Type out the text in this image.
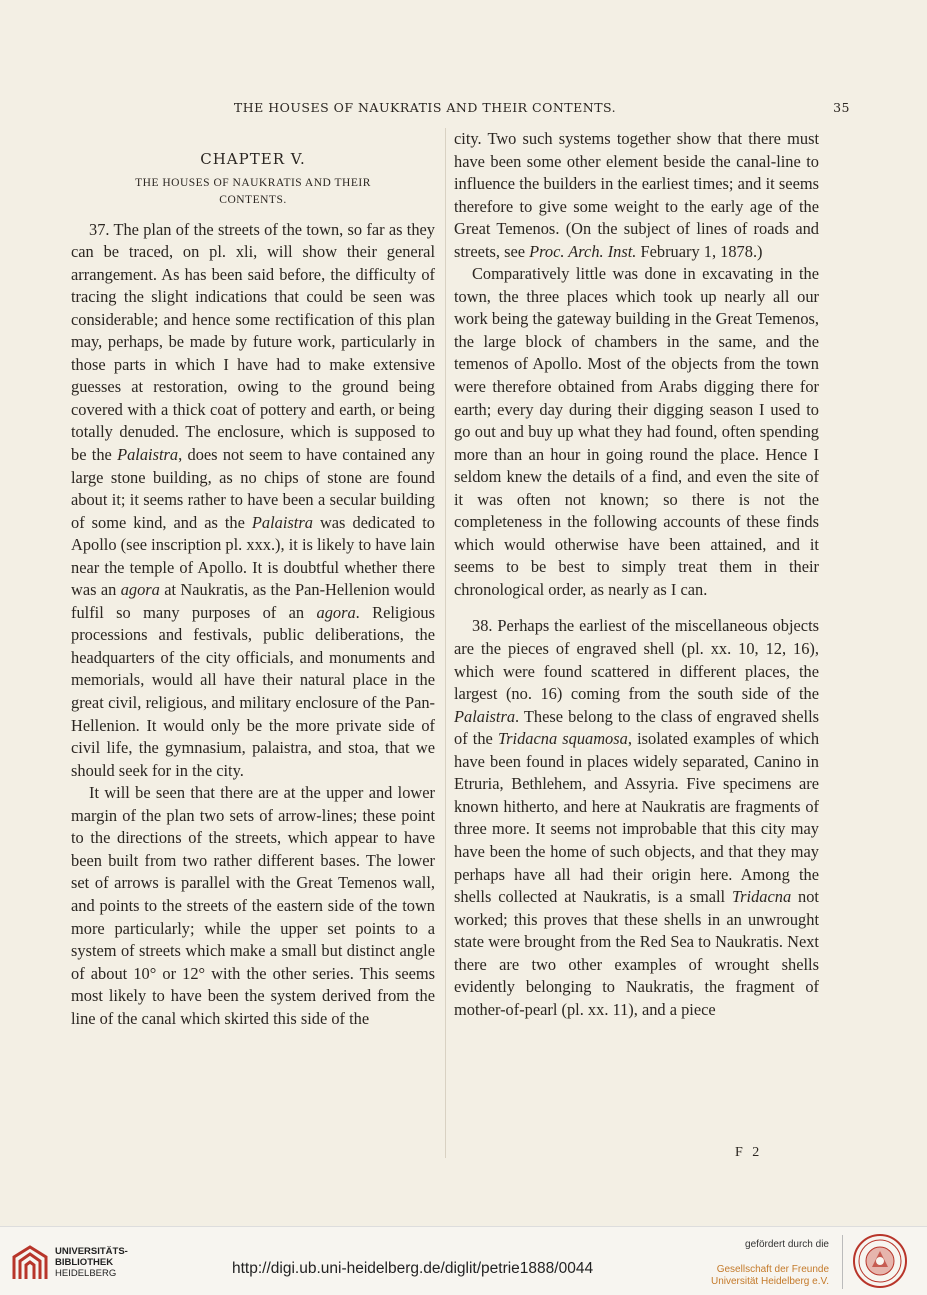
THE HOUSES OF NAUKRATIS AND THEIR CONTENTS.	35
CHAPTER V.
THE HOUSES OF NAUKRATIS AND THEIR
CONTENTS.

37. The plan of the streets of the town, so far as they can be traced, on pl. xli, will show their general arrangement. As has been said before, the difficulty of tracing the slight indications that could be seen was considerable; and hence some rectification of this plan may, perhaps, be made by future work, particularly in those parts in which I have had to make extensive guesses at restoration, owing to the ground being covered with a thick coat of pottery and earth, or being totally denuded. The enclosure, which is supposed to be the Palaistra, does not seem to have contained any large stone building, as no chips of stone are found about it; it seems rather to have been a secular building of some kind, and as the Palaistra was dedicated to Apollo (see inscription pl. xxx.), it is likely to have lain near the temple of Apollo. It is doubtful whether there was an agora at Naukratis, as the Pan-Hellenion would fulfil so many purposes of an agora. Religious processions and festivals, public deliberations, the headquarters of the city officials, and monuments and memorials, would all have their natural place in the great civil, religious, and military enclosure of the Pan-Hellenion. It would only be the more private side of civil life, the gymnasium, palaistra, and stoa, that we should seek for in the city.

It will be seen that there are at the upper and lower margin of the plan two sets of arrow-lines; these point to the directions of the streets, which appear to have been built from two rather different bases. The lower set of arrows is parallel with the Great Temenos wall, and points to the streets of the eastern side of the town more particularly; while the upper set points to a system of streets which make a small but distinct angle of about 10° or 12° with the other series. This seems most likely to have been the system derived from the line of the canal which skirted this side of the

city. Two such systems together show that there must have been some other element beside the canal-line to influence the builders in the earliest times; and it seems therefore to give some weight to the early age of the Great Temenos. (On the subject of lines of roads and streets, see Proc. Arch. Inst. February 1, 1878.)

Comparatively little was done in excavating in the town, the three places which took up nearly all our work being the gateway building in the Great Temenos, the large block of chambers in the same, and the temenos of Apollo. Most of the objects from the town were therefore obtained from Arabs digging there for earth; every day during their digging season I used to go out and buy up what they had found, often spending more than an hour in going round the place. Hence I seldom knew the details of a find, and even the site of it was often not known; so there is not the completeness in the following accounts of these finds which would otherwise have been attained, and it seems to be best to simply treat them in their chronological order, as nearly as I can.

38. Perhaps the earliest of the miscellaneous objects are the pieces of engraved shell (pl. xx. 10, 12, 16), which were found scattered in different places, the largest (no. 16) coming from the south side of the Palaistra. These belong to the class of engraved shells of the Tridacna squamosa, isolated examples of which have been found in places widely separated, Canino in Etruria, Bethlehem, and Assyria. Five specimens are known hitherto, and here at Naukratis are fragments of three more. It seems not improbable that this city may have been the home of such objects, and that they may perhaps have all had their origin here. Among the shells collected at Naukratis, is a small Tridacna not worked; this proves that these shells in an unwrought state were brought from the Red Sea to Naukratis. Next there are two other examples of wrought shells evidently belonging to Naukratis, the fragment of mother-of-pearl (pl. xx. 11), and a piece

F 2
UNIVERSITÄTS-
BIBLIOTHEK
HEIDELBERG	http://digi.ub.uni-heidelberg.de/diglit/petrie1888/0044
gefördert durch die
Gesellschaft der Freunde
Universität Heidelberg e.V.
